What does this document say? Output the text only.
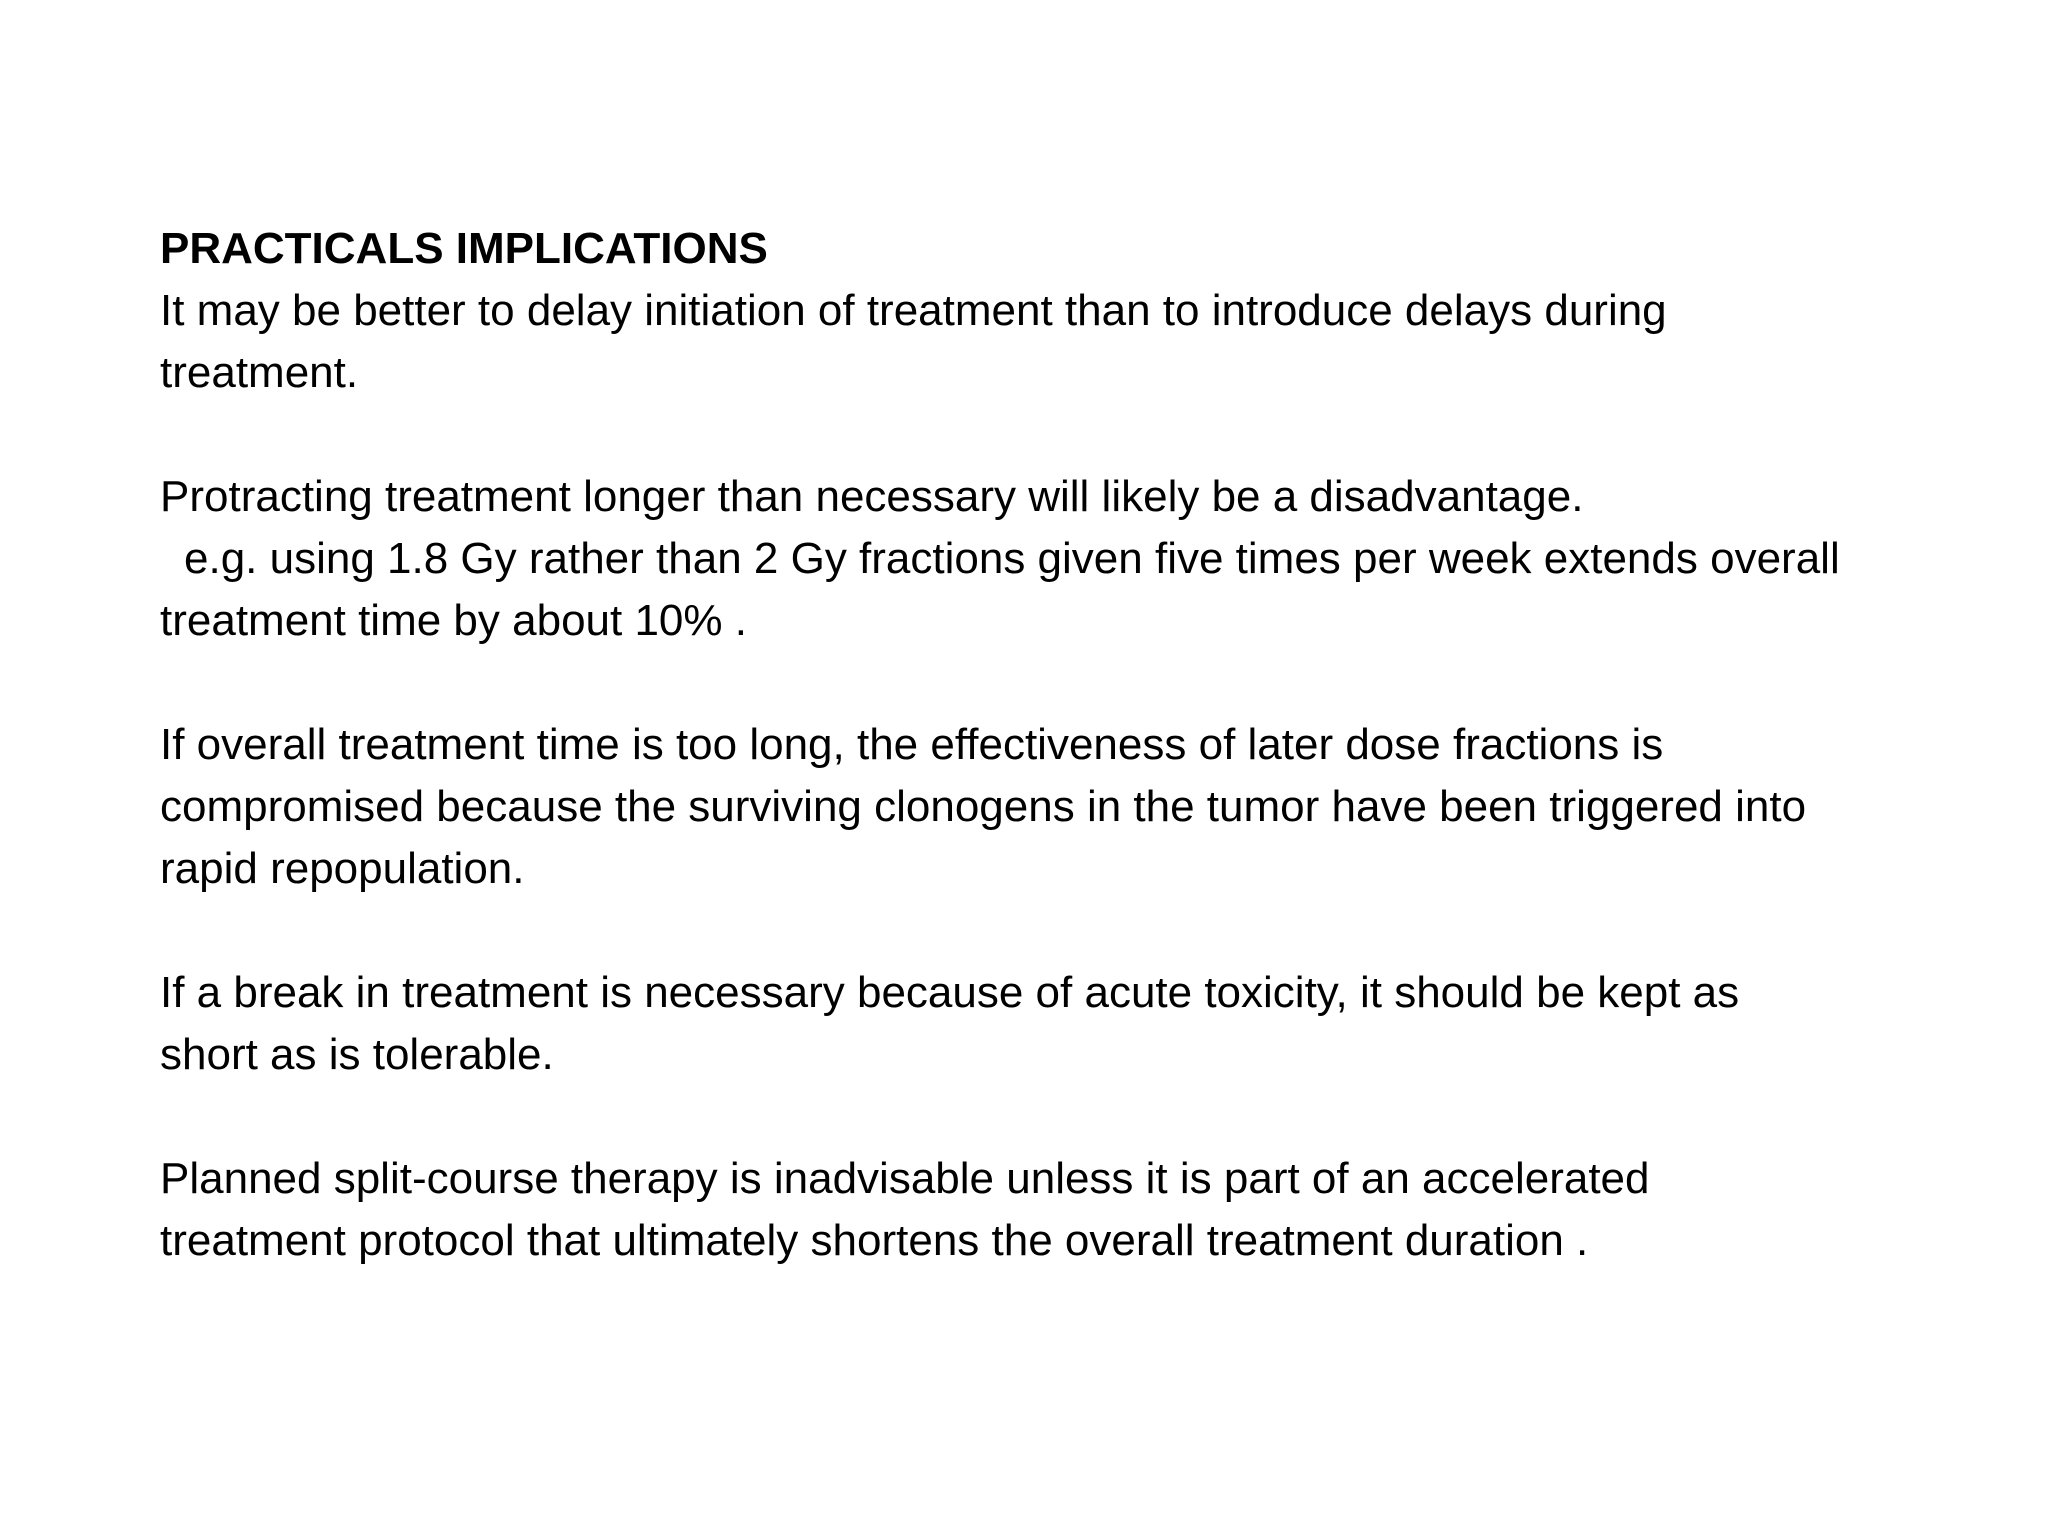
PRACTICALS IMPLICATIONS

It may be better to delay initiation of treatment than to introduce delays during

treatment.

Protracting treatment longer than necessary will likely be a disadvantage.

e.g. using 1.8 Gy rather than 2 Gy fractions given five times per week extends overall

treatment time by about 10% .

If overall treatment time is too long, the effectiveness of later dose fractions is

compromised because the surviving clonogens in the tumor have been triggered into

rapid repopulation.

If a break in treatment is necessary because of acute toxicity, it should be kept as

short as is tolerable.

Planned split-course therapy is inadvisable unless it is part of an accelerated

treatment protocol that ultimately shortens the overall treatment duration .
